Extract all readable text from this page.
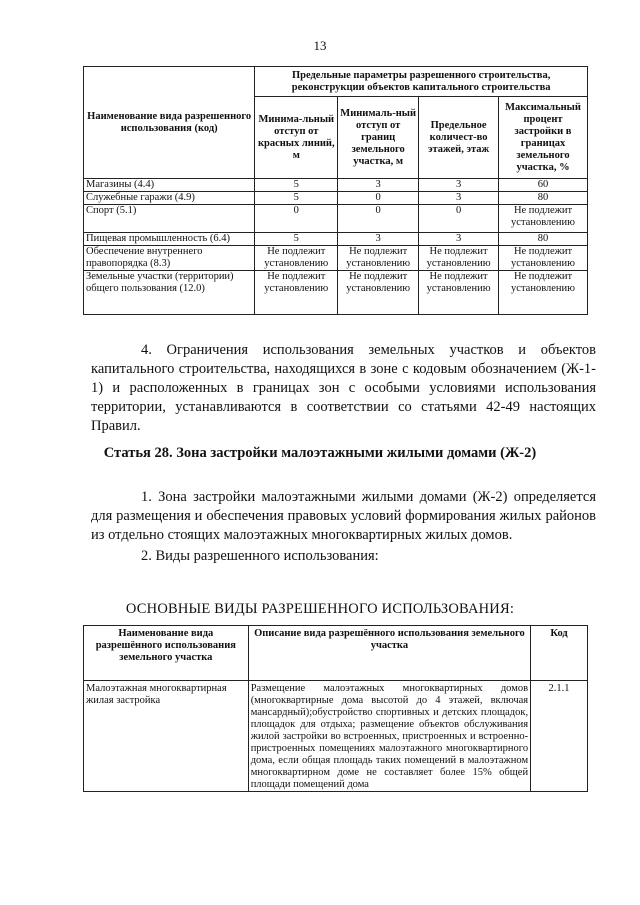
13
Наименование вида разрешенного использования (код)	Предельные параметры разрешенного строительства, реконструкции объектов капитального строительства			
	Минима-льный отступ от красных линий, м	Минималь-ный отступ от границ земельного участка, м	Предельное количест-во этажей, этаж	Максимальный процент застройки в границах земельного участка, %
Магазины (4.4)	5	3	3	60
Служебные гаражи (4.9)	5	0	3	80
Спорт (5.1)	0	0	0	Не подлежит установлению
Пищевая промышленность (6.4)	5	3	3	80
Обеспечение внутреннего правопорядка (8.3)	Не подлежит установлению	Не подлежит установлению	Не подлежит установлению	Не подлежит установлению
Земельные участки (территории) общего пользования (12.0)	Не подлежит установлению	Не подлежит установлению	Не подлежит установлению	Не подлежит установлению
4. Ограничения использования земельных участков и объектов капитального строительства, находящихся в зоне с кодовым обозначением (Ж-1-1) и расположенных в границах зон с особыми условиями использования территории, устанавливаются в соответствии со статьями 42-49 настоящих Правил.
Статья 28. Зона застройки малоэтажными жилыми домами (Ж-2)
1. Зона застройки малоэтажными жилыми домами (Ж-2) определяется для размещения и обеспечения правовых условий формирования жилых районов из отдельно стоящих малоэтажных многоквартирных жилых домов.
2. Виды разрешенного использования:
ОСНОВНЫЕ ВИДЫ РАЗРЕШЕННОГО ИСПОЛЬЗОВАНИЯ:
Наименование вида разрешённого использования земельного участка	Описание вида разрешённого использования земельного участка	Код
Малоэтажная многоквартирная жилая застройка	Размещение малоэтажных многоквартирных домов (многоквартирные дома высотой до 4 этажей, включая мансардный);обустройство спортивных и детских площадок, площадок для отдыха; размещение объектов обслуживания жилой застройки во встроенных, пристроенных и встроенно-пристроенных помещениях малоэтажного многоквартирного дома, если общая площадь таких помещений в малоэтажном многоквартирном доме не составляет более 15% общей площади помещений дома	2.1.1
